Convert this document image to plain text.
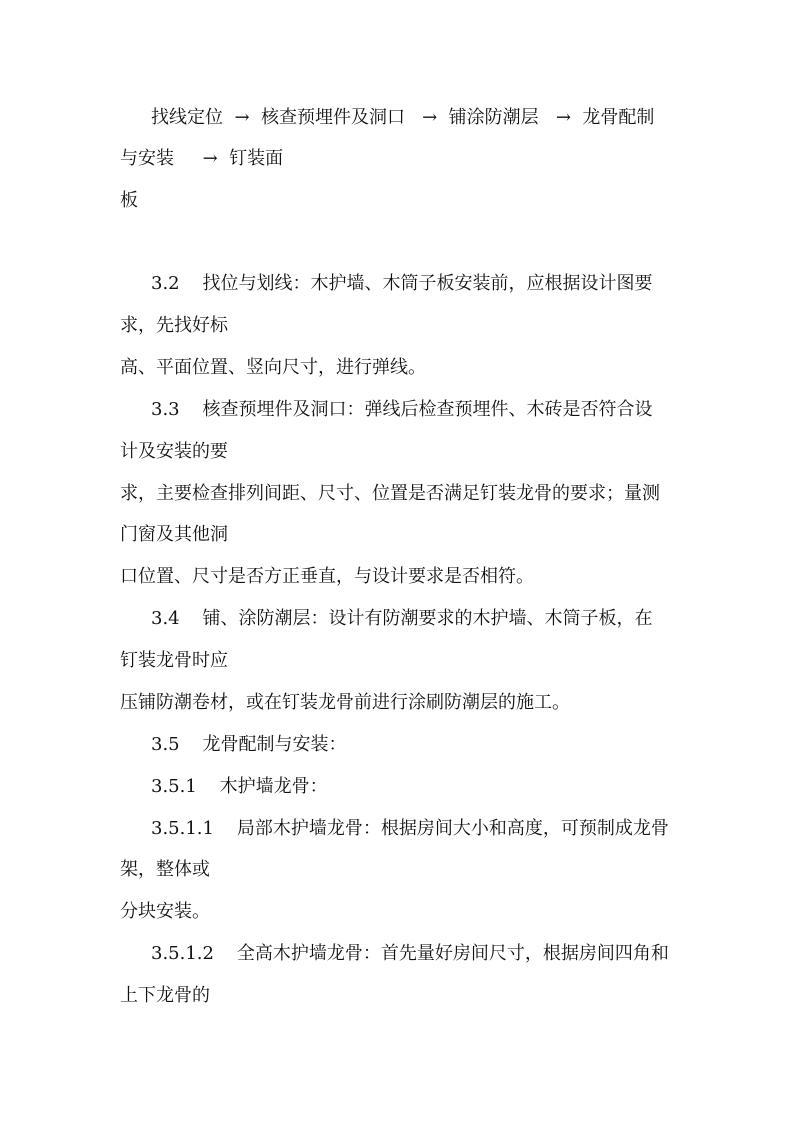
找线定位  →  核查预埋件及洞口   →  铺涂防潮层   →  龙骨配制
与安装     →  钉装面
板
3.2    找位与划线：木护墙、木筒子板安装前，应根据设计图要
求，先找好标
高、平面位置、竖向尺寸，进行弹线。
3.3    核查预埋件及洞口：弹线后检查预埋件、木砖是否符合设
计及安装的要
求，主要检查排列间距、尺寸、位置是否满足钉装龙骨的要求；量测
门窗及其他洞
口位置、尺寸是否方正垂直，与设计要求是否相符。
3.4    铺、涂防潮层：设计有防潮要求的木护墙、木筒子板，在
钉装龙骨时应
压铺防潮卷材，或在钉装龙骨前进行涂刷防潮层的施工。
3.5    龙骨配制与安装：
3.5.1    木护墙龙骨：
3.5.1.1    局部木护墙龙骨：根据房间大小和高度，可预制成龙骨
架，整体或
分块安装。
3.5.1.2    全高木护墙龙骨：首先量好房间尺寸，根据房间四角和
上下龙骨的
